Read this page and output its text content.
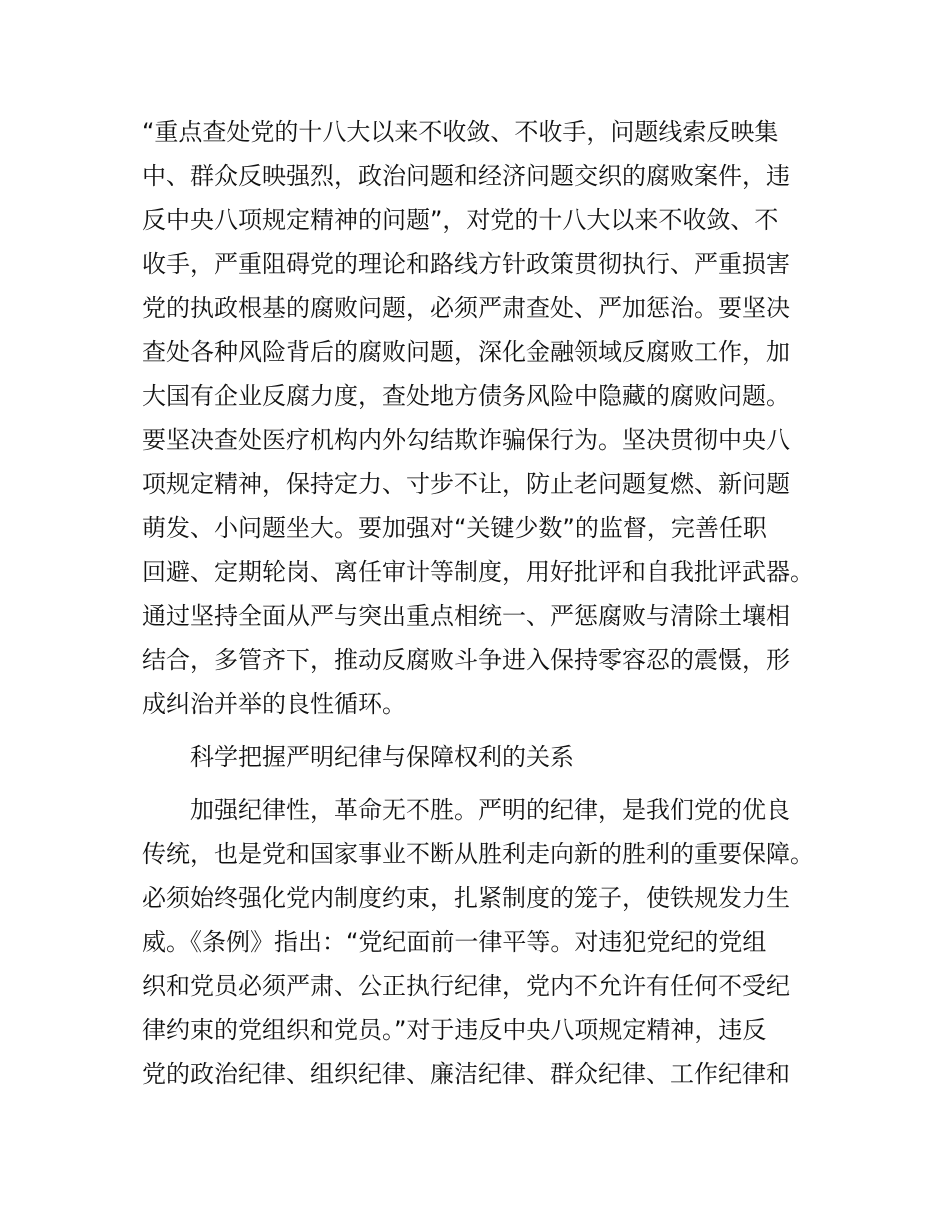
“重点查处党的十八大以来不收敛、不收手，问题线索反映集
中、群众反映强烈，政治问题和经济问题交织的腐败案件，违
反中央八项规定精神的问题”，对党的十八大以来不收敛、不
收手，严重阻碍党的理论和路线方针政策贯彻执行、严重损害
党的执政根基的腐败问题，必须严肃查处、严加惩治。要坚决
查处各种风险背后的腐败问题，深化金融领域反腐败工作，加
大国有企业反腐力度，查处地方债务风险中隐藏的腐败问题。
要坚决查处医疗机构内外勾结欺诈骗保行为。坚决贯彻中央八
项规定精神，保持定力、寸步不让，防止老问题复燃、新问题
萌发、小问题坐大。要加强对“关键少数”的监督，完善任职
回避、定期轮岗、离任审计等制度，用好批评和自我批评武器。
通过坚持全面从严与突出重点相统一、严惩腐败与清除土壤相
结合，多管齐下，推动反腐败斗争进入保持零容忍的震慑，形
成纠治并举的良性循环。
科学把握严明纪律与保障权利的关系
加强纪律性，革命无不胜。严明的纪律，是我们党的优良
传统，也是党和国家事业不断从胜利走向新的胜利的重要保障。
必须始终强化党内制度约束，扎紧制度的笼子，使铁规发力生
威。《条例》指出：“党纪面前一律平等。对违犯党纪的党组
织和党员必须严肃、公正执行纪律，党内不允许有任何不受纪
律约束的党组织和党员。”对于违反中央八项规定精神，违反
党的政治纪律、组织纪律、廉洁纪律、群众纪律、工作纪律和
